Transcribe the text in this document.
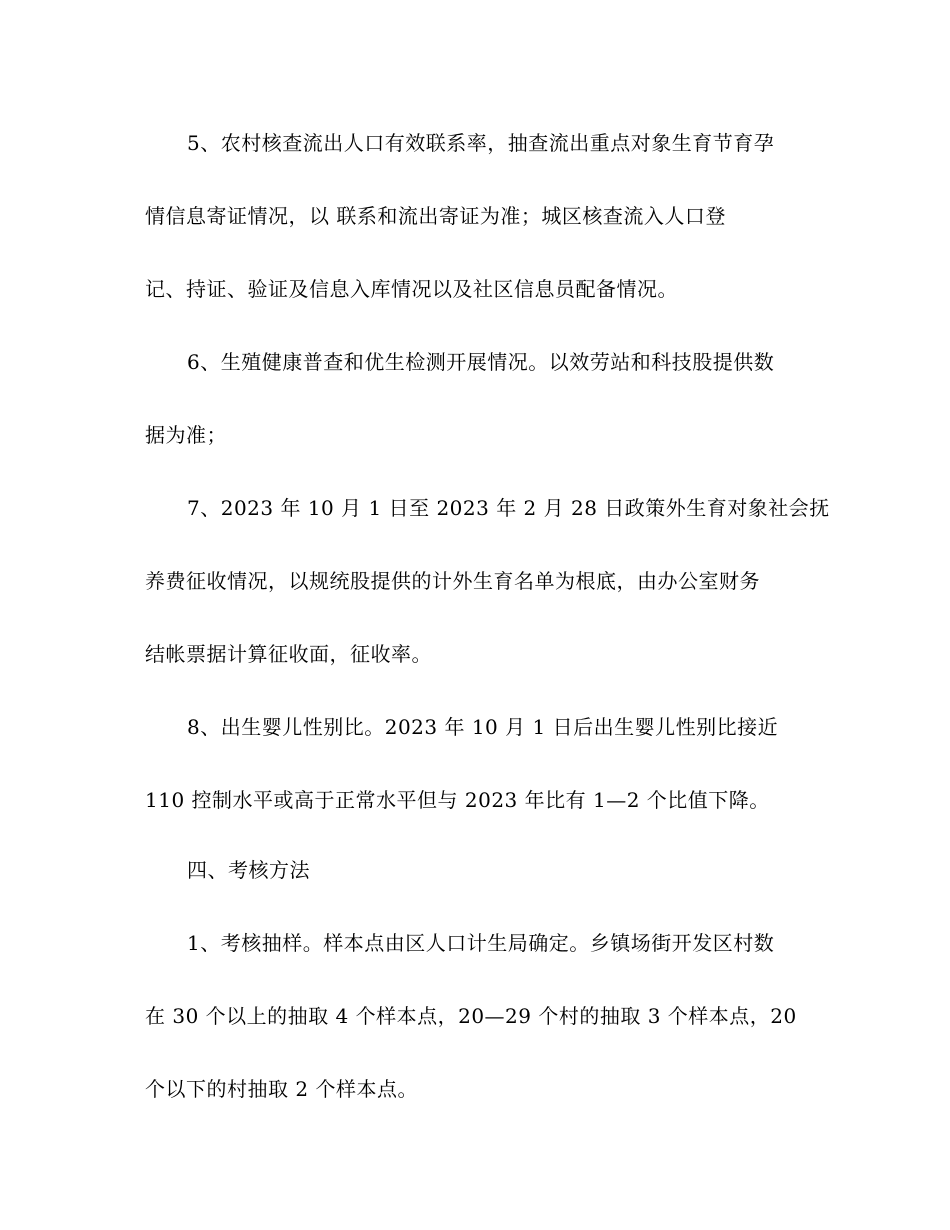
5、农村核查流出人口有效联系率，抽查流出重点对象生育节育孕
情信息寄证情况，以 联系和流出寄证为准；城区核查流入人口登
记、持证、验证及信息入库情况以及社区信息员配备情况。
6、生殖健康普查和优生检测开展情况。以效劳站和科技股提供数
据为准；
7、2023 年 10 月 1 日至 2023 年 2 月 28 日政策外生育对象社会抚
养费征收情况，以规统股提供的计外生育名单为根底，由办公室财务
结帐票据计算征收面，征收率。
8、出生婴儿性别比。2023 年 10 月 1 日后出生婴儿性别比接近
110 控制水平或高于正常水平但与 2023 年比有 1—2 个比值下降。
四、考核方法
1、考核抽样。样本点由区人口计生局确定。乡镇场街开发区村数
在 30 个以上的抽取 4 个样本点，20—29 个村的抽取 3 个样本点，20
个以下的村抽取 2 个样本点。
